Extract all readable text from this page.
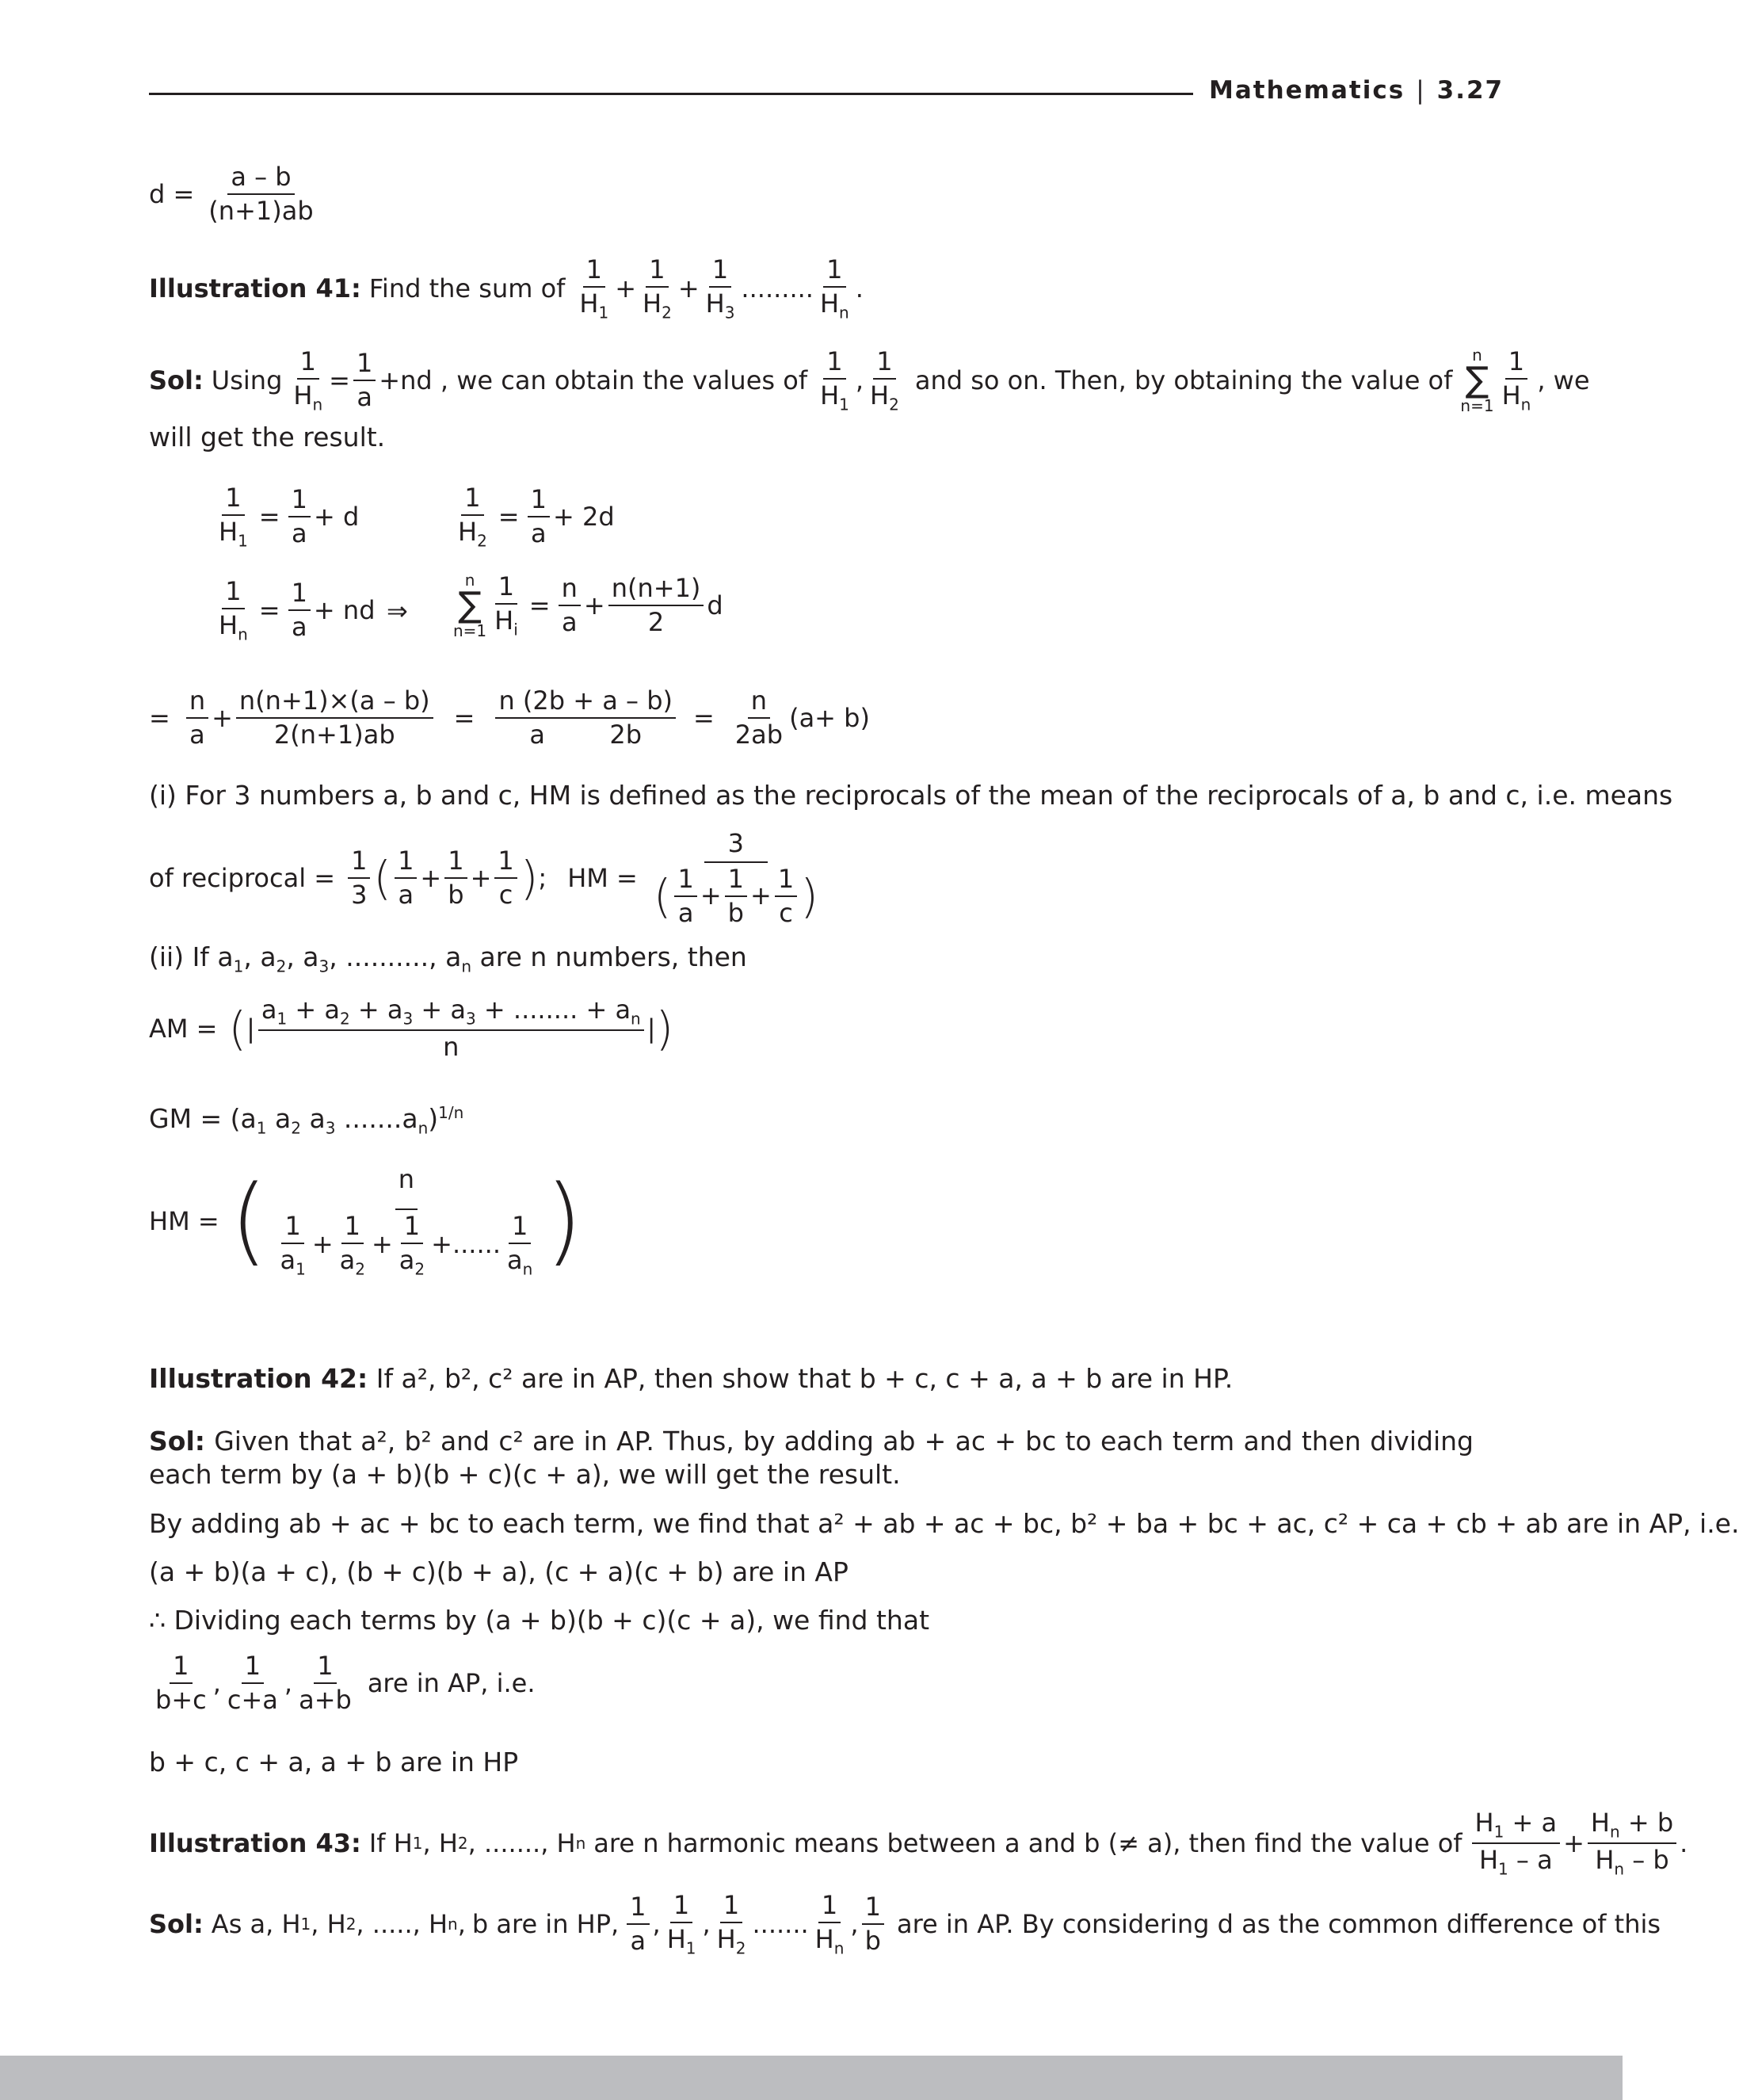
Mathematics | 3.27
$d = \frac{a - b}{(n+1)ab}$
Illustration 41: Find the sum of
1
$H_1$
+ $\frac{1}{H_2} + \frac{1}{H_3}$ .........
1
$H_n$
.
Sol: Using $\frac{1}{H_n} = \frac{1}{a} +nd$ , we can obtain the values of
1
$H_1$
,
1
$H_2$
and so on. Then, by obtaining the value of
n
∑
n=1
1
$H_n$
, we
will get the result.
$\frac{1}{H_1} = \frac{1}{a} + d$	$\frac{1}{H_2} = \frac{1}{a} + 2d$
$\frac{1}{H_n} = \frac{1}{a}$ + nd ⇒
n
∑
$n=1 \frac{1}{H_i} = \frac{n}{a} + \frac{n(n+1)}{2}$ d
=
n
a
+ $\frac{n(n+1)\times(a - b)}{2(n+1)ab} = \frac{n (2b + a - b)}{a 2b} = \frac{n}{2ab} (a+ b)$
(i) For 3 numbers a, b and c, HM is defined as the reciprocals of the mean of the reciprocals of a, b and c, i.e. means
of reciprocal =
1
3 ( 1
a
+ $\frac{1}{b} + \frac{1}{c}$ ) ; HM =
3
( 1
a
+ $\frac{1}{b} + \frac{1}{c}$ )
(ii) If $a_1$, $a_2$, $a_3$, .........., $a_n$ are n numbers, then
AM = ( |
$a_1 + a_2 + a_3 + a_3$ + ........ + $a_n$
n
| )
GM = ($a_1$ $a_2$ $a_3$ $.......a_n)^{1/n}$
HM = (	n
1
$a_1$
+ $\frac{1}{a_2} + \frac{1}{a_2}$ +......
1
$a_n$ )
Illustration 42: If a², b², c² are in AP, then show that b + c, c + a, a + b are in HP.
Sol: Given that a², b² and c² are in AP. Thus, by adding ab + ac + bc to each term and then dividing each term by (a + b)(b + c)(c + a), we will get the result.
By adding ab + ac + bc to each term, we find that a² + ab + ac + bc, b² + ba + bc + ac, c² + ca + cb + ab are in AP, i.e.
(a + b)(a + c), (b + c)(b + a), (c + a)(c + b) are in AP
∴ Dividing each terms by (a + b)(b + c)(c + a), we find that
1
b+c
,
1
c+a
,
1
a+b
are in AP, i.e.
b + c, c + a, a + b are in HP
Illustration 43: If H 1 , H 2 , ......., H n are n harmonic means between a and b (≠ a), then find the value of
$H_1 + a$
$H_1$ – a
+ $\frac{H_n + b}{H_n - b}$ .
Sol: As a, H 1 , H 2 , ....., H n , b are in HP,
1
a
,
1
$H_1$
,
1
$H_2$
.......
1
$H_n$
,
1
b
are in AP. By considering d as the common difference of this
